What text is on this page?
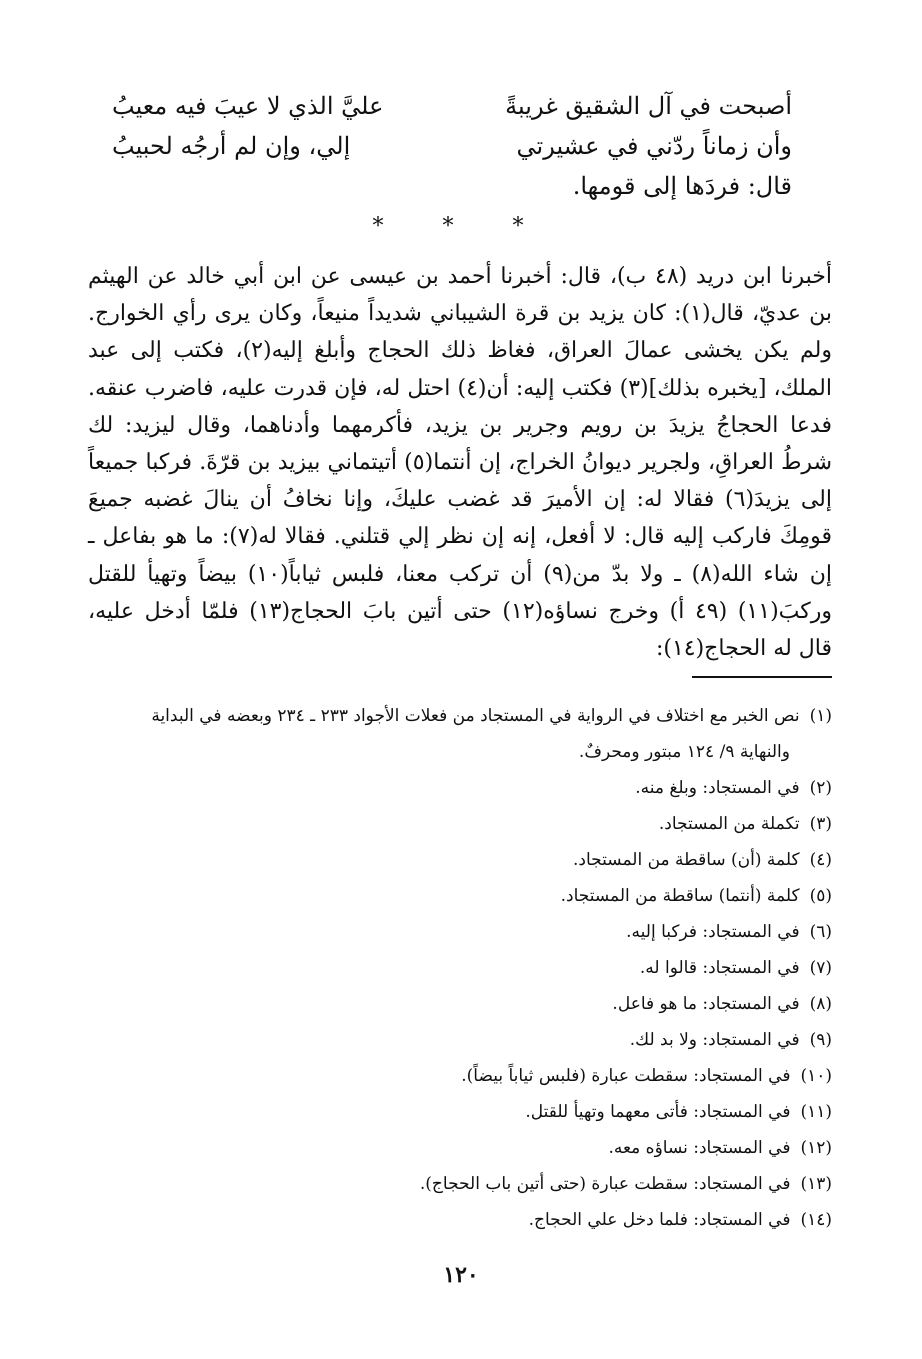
أصبحت في آل الشقيق غريبةً
عليَّ الذي لا عيبَ فيه معيبُ
وأن زماناً ردّني في عشيرتي
إلي، وإن لم أرجُه لحبيبُ
قال: فردَها إلى قومها.
* * *

أخبرنا ابن دريد (٤٨ ب)، قال: أخبرنا أحمد بن عيسى عن ابن أبي خالد عن الهيثم بن عديّ، قال(١): كان يزيد بن قرة الشيباني شديداً منيعاً، وكان يرى رأي الخوارج. ولم يكن يخشى عمالَ العراق، فغاظ ذلك الحجاج وأبلغ إليه(٢)، فكتب إلى عبد الملك، [يخبره بذلك](٣) فكتب إليه: أن(٤) احتل له، فإن قدرت عليه، فاضرب عنقه. فدعا الحجاجُ يزيدَ بن رويم وجرير بن يزيد، فأكرمهما وأدناهما، وقال ليزيد: لك شرطُ العراقِ، ولجرير ديوانُ الخراج، إن أنتما(٥) أتيتماني بيزيد بن قرّةَ. فركبا جميعاً إلى يزيدَ(٦) فقالا له: إن الأميرَ قد غضب عليكَ، وإنا نخافُ أن ينالَ غضبه جميعَ قومِكَ فاركب إليه قال: لا أفعل، إنه إن نظر إلي قتلني. فقالا له(٧): ما هو بفاعل ـ إن شاء الله(٨) ـ ولا بدّ من(٩) أن تركب معنا، فلبس ثياباً(١٠) بيضاً وتهيأ للقتل وركبَ(١١) (٤٩ أ) وخرج نساؤه(١٢) حتى أتين بابَ الحجاج(١٣) فلمّا أدخل عليه، قال له الحجاج(١٤):

(١)
نص الخبر مع اختلاف في الرواية في المستجاد من فعلات الأجواد ٢٣٣ ـ ٢٣٤ وبعضه في البداية
والنهاية ٩/ ١٢٤ مبتور ومحرفٌ.
(٢)
في المستجاد: وبلغ منه.
(٣)
تكملة من المستجاد.
(٤)
كلمة (أن) ساقطة من المستجاد.
(٥)
كلمة (أنتما) ساقطة من المستجاد.
(٦)
في المستجاد: فركبا إليه.
(٧)
في المستجاد: قالوا له.
(٨)
في المستجاد: ما هو فاعل.
(٩)
في المستجاد: ولا بد لك.
(١٠)
في المستجاد: سقطت عبارة (فلبس ثياباً بيضاً).
(١١)
في المستجاد: فأتى معهما وتهيأ للقتل.
(١٢)
في المستجاد: نساؤه معه.
(١٣)
في المستجاد: سقطت عبارة (حتى أتين باب الحجاج).
(١٤)
في المستجاد: فلما دخل علي الحجاج.
١٢٠
